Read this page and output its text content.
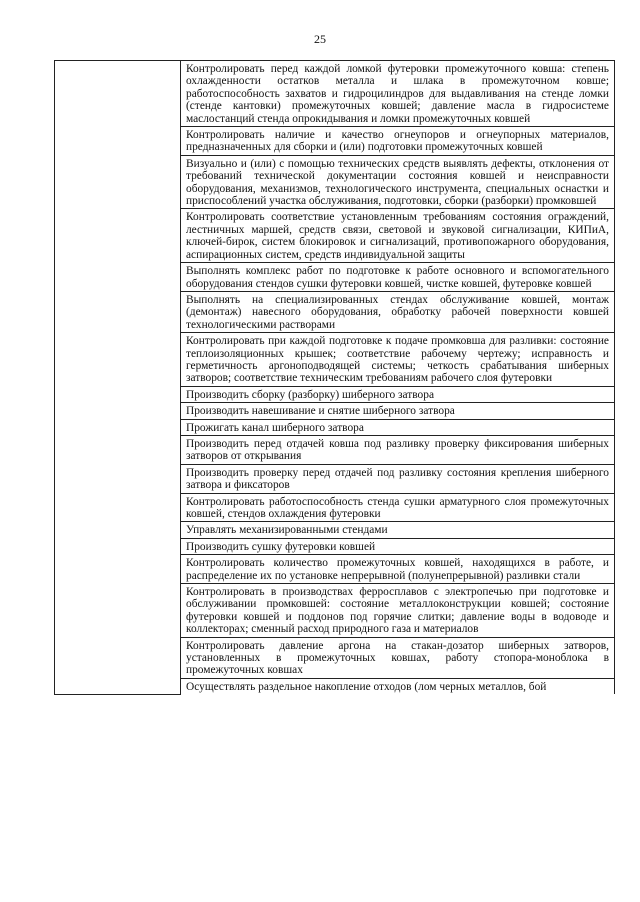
25
	Контролировать перед каждой ломкой футеровки промежуточного ковша: степень охлажденности остатков металла и шлака в промежуточном ковше; работоспособность захватов и гидроцилиндров для выдавливания на стенде ломки (стенде кантовки) промежуточных ковшей; давление масла в гидросистеме маслостанций стенда опрокидывания и ломки промежуточных ковшей
Контролировать наличие и качество огнеупоров и огнеупорных материалов, предназначенных для сборки и (или) подготовки промежуточных ковшей
Визуально и (или) с помощью технических средств выявлять дефекты, отклонения от требований технической документации состояния ковшей и неисправности оборудования, механизмов, технологического инструмента, специальных оснастки и приспособлений участка обслуживания, подготовки, сборки (разборки) промковшей
Контролировать соответствие установленным требованиям состояния ограждений, лестничных маршей, средств связи, световой и звуковой сигнализации, КИПиА, ключей-бирок, систем блокировок и сигнализаций, противопожарного оборудования, аспирационных систем, средств индивидуальной защиты
Выполнять комплекс работ по подготовке к работе основного и вспомогательного оборудования стендов сушки футеровки ковшей, чистке ковшей, футеровке ковшей
Выполнять на специализированных стендах обслуживание ковшей, монтаж (демонтаж) навесного оборудования, обработку рабочей поверхности ковшей технологическими растворами
Контролировать при каждой подготовке к подаче промковша для разливки: состояние теплоизоляционных крышек; соответствие рабочему чертежу; исправность и герметичность аргоноподводящей системы; четкость срабатывания шиберных затворов; соответствие техническим требованиям рабочего слоя футеровки
Производить сборку (разборку) шиберного затвора
Производить навешивание и снятие шиберного затвора
Прожигать канал шиберного затвора
Производить перед отдачей ковша под разливку проверку фиксирования шиберных затворов от открывания
Производить проверку перед отдачей под разливку состояния крепления шиберного затвора и фиксаторов
Контролировать работоспособность стенда сушки арматурного слоя промежуточных ковшей, стендов охлаждения футеровки
Управлять механизированными стендами
Производить сушку футеровки ковшей
Контролировать количество промежуточных ковшей, находящихся в работе, и распределение их по установке непрерывной (полунепрерывной) разливки стали
Контролировать в производствах ферросплавов с электропечью при подготовке и обслуживании промковшей: состояние металлоконструкции ковшей; состояние футеровки ковшей и поддонов под горячие слитки; давление воды в водоводе и коллекторах; сменный расход природного газа и материалов
Контролировать давление аргона на стакан-дозатор шиберных затворов, установленных в промежуточных ковшах, работу стопора-моноблока в промежуточных ковшах
Осуществлять раздельное накопление отходов (лом черных металлов, бой
